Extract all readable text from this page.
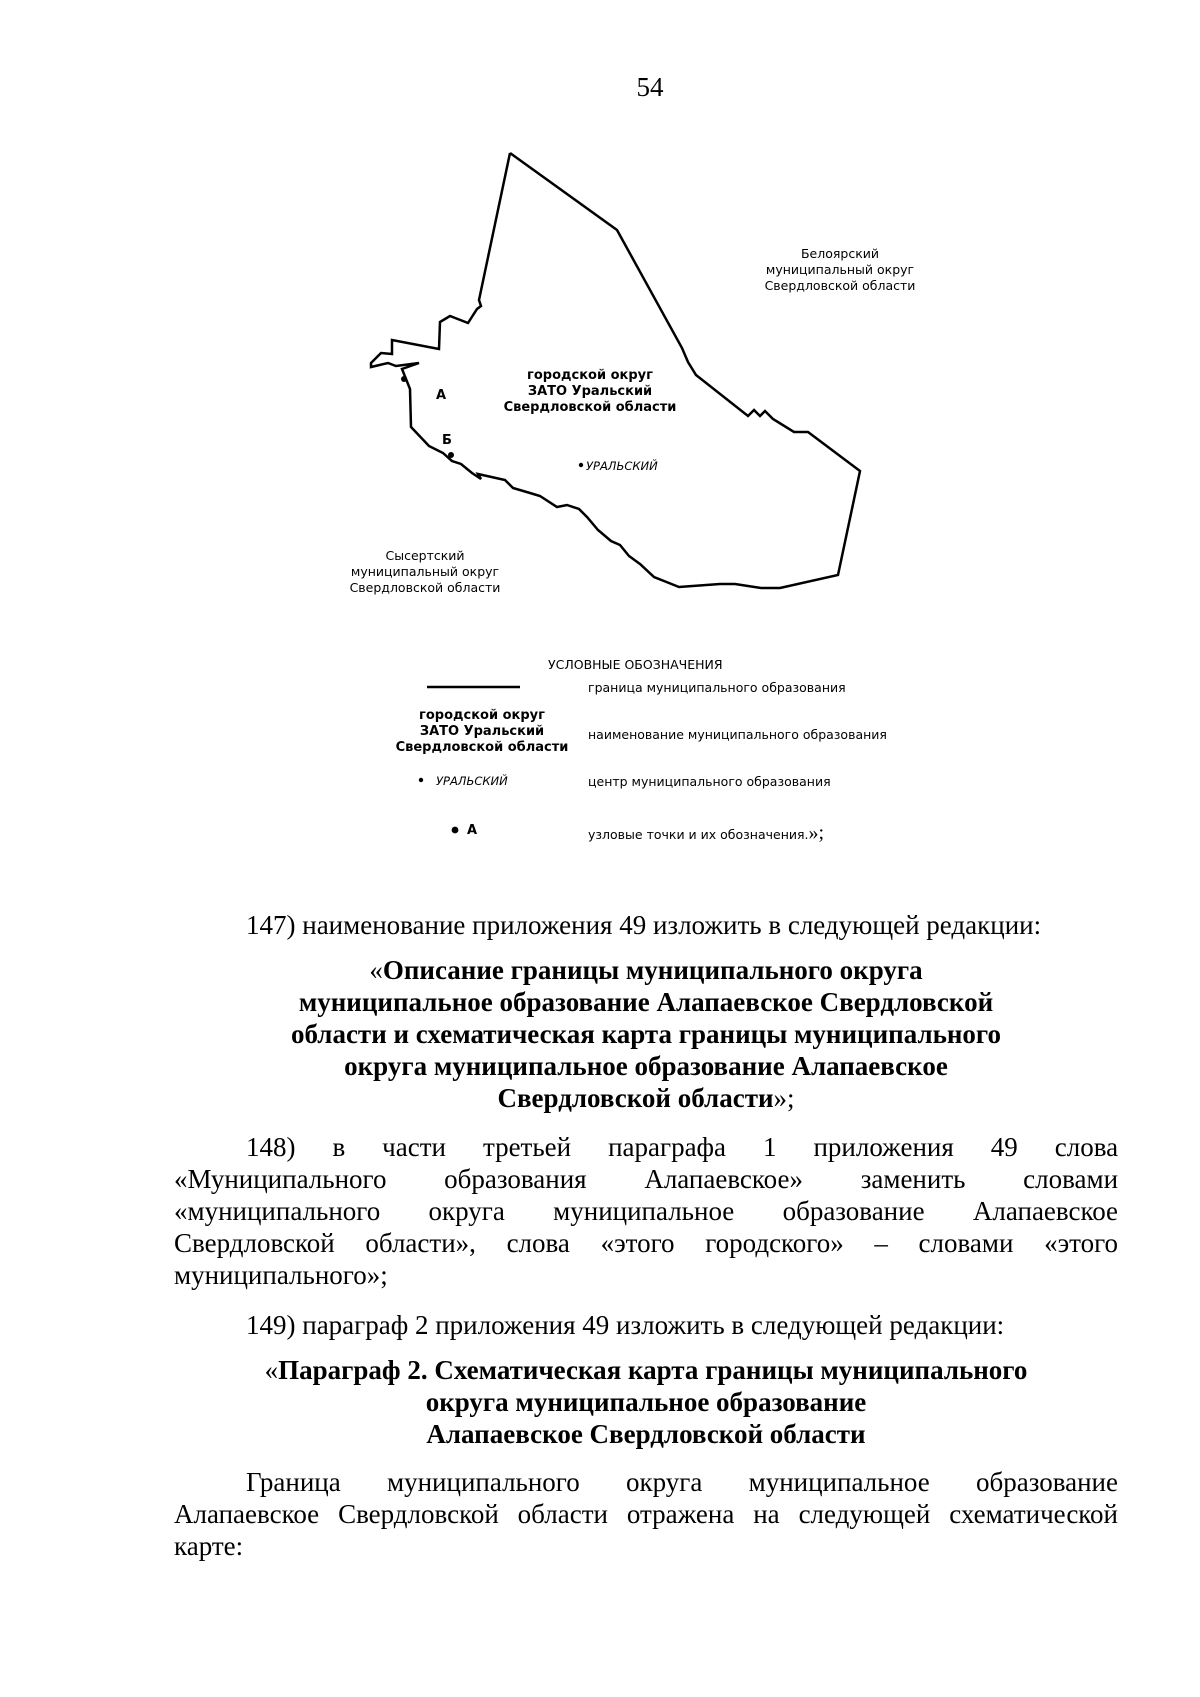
54
городской округ
ЗАТО Уральский
Свердловской области
А
Б
УРАЛЬСКИЙ
Белоярский
муниципальный округ
Свердловской области
Сысертский
муниципальный округ
Свердловской области
УСЛОВНЫЕ ОБОЗНАЧЕНИЯ
граница муниципального образования
городской округ
ЗАТО Уральский
Свердловской области
наименование муниципального образования
УРАЛЬСКИЙ	центр муниципального образования
А	узловые точки и их обозначения.»;
147) наименование приложения 49 изложить в следующей редакции:
«Описание границы муниципального округа
муниципальное образование Алапаевское Свердловской
области и схематическая карта границы муниципального
округа муниципальное образование Алапаевское
Свердловской области»;
148) в части третьей параграфа 1 приложения 49 слова
«Муниципального образования Алапаевское» заменить словами
«муниципального округа муниципальное образование Алапаевское
Свердловской области», слова «этого городского» – словами «этого
муниципального»;
149) параграф 2 приложения 49 изложить в следующей редакции:
«Параграф 2. Схематическая карта границы муниципального
округа муниципальное образование
Алапаевское Свердловской области
Граница муниципального округа муниципальное образование
Алапаевское Свердловской области отражена на следующей схематической
карте:
